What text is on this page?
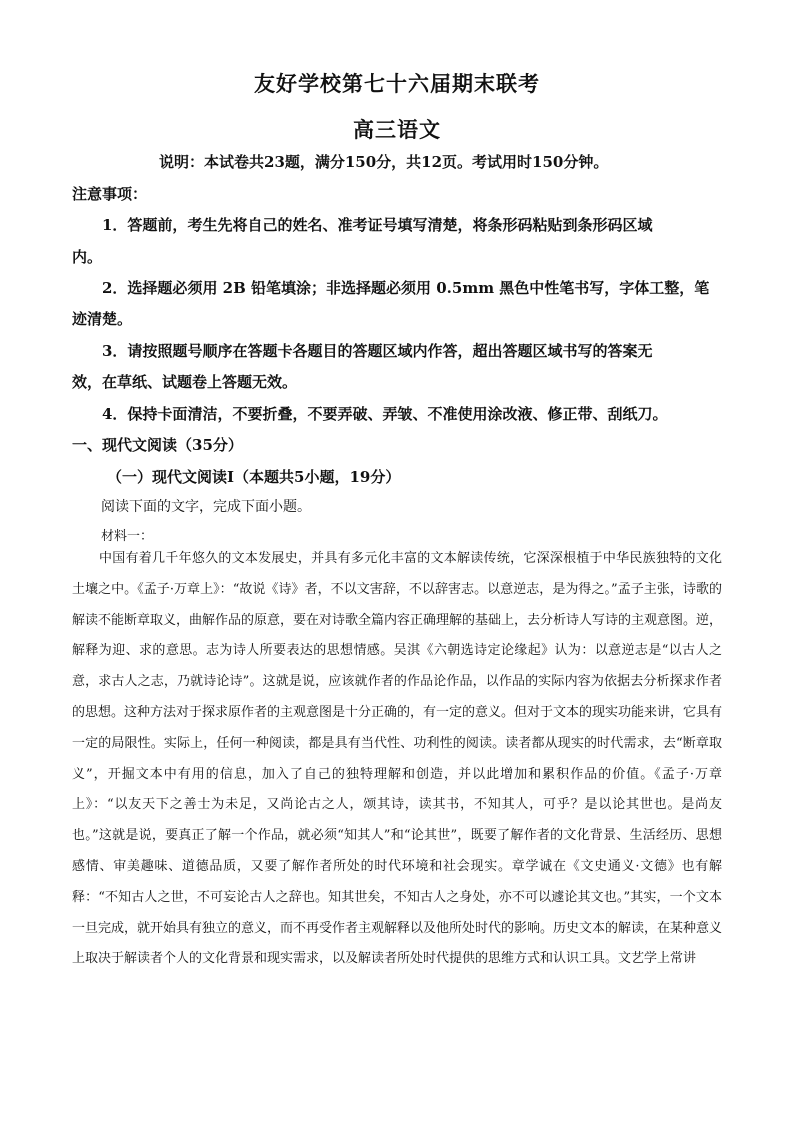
友好学校第七十六届期末联考
高三语文
说明：本试卷共23题，满分150分，共12页。考试用时150分钟。
注意事项：
1．答题前，考生先将自己的姓名、准考证号填写清楚，将条形码粘贴到条形码区域
内。
2．选择题必须用 2B 铅笔填涂；非选择题必须用 0.5mm 黑色中性笔书写，字体工整，笔
迹清楚。
3．请按照题号顺序在答题卡各题目的答题区域内作答，超出答题区域书写的答案无
效，在草纸、试题卷上答题无效。
4．保持卡面清洁，不要折叠，不要弄破、弄皱、不准使用涂改液、修正带、刮纸刀。
一、现代文阅读（35分）
（一）现代文阅读Ⅰ（本题共5小题，19分）
阅读下面的文字，完成下面小题。
材料一：
中国有着几千年悠久的文本发展史，并具有多元化丰富的文本解读传统，它深深根植于中华民族独特的文化土壤之中。《孟子·万章上》：“故说《诗》者，不以文害辞，不以辞害志。以意逆志，是为得之。”孟子主张，诗歌的解读不能断章取义，曲解作品的原意，要在对诗歌全篇内容正确理解的基础上，去分析诗人写诗的主观意图。逆，解释为迎、求的意思。志为诗人所要表达的思想情感。吴淇《六朝选诗定论缘起》认为：以意逆志是“以古人之意，求古人之志，乃就诗论诗”。这就是说，应该就作者的作品论作品，以作品的实际内容为依据去分析探求作者的思想。这种方法对于探求原作者的主观意图是十分正确的，有一定的意义。但对于文本的现实功能来讲，它具有一定的局限性。实际上，任何一种阅读，都是具有当代性、功利性的阅读。读者都从现实的时代需求，去“断章取义”，开掘文本中有用的信息，加入了自己的独特理解和创造，并以此增加和累积作品的价值。《孟子·万章上》：“以友天下之善士为未足，又尚论古之人，颂其诗，读其书，不知其人，可乎？是以论其世也。是尚友也。”这就是说，要真正了解一个作品，就必须“知其人”和“论其世”，既要了解作者的文化背景、生活经历、思想感情、审美趣味、道德品质，又要了解作者所处的时代环境和社会现实。章学诚在《文史通义·文德》也有解释：“不知古人之世，不可妄论古人之辞也。知其世矣，不知古人之身处，亦不可以遽论其文也。”其实，一个文本一旦完成，就开始具有独立的意义，而不再受作者主观解释以及他所处时代的影响。历史文本的解读，在某种意义上取决于解读者个人的文化背景和现实需求，以及解读者所处时代提供的思维方式和认识工具。文艺学上常讲
